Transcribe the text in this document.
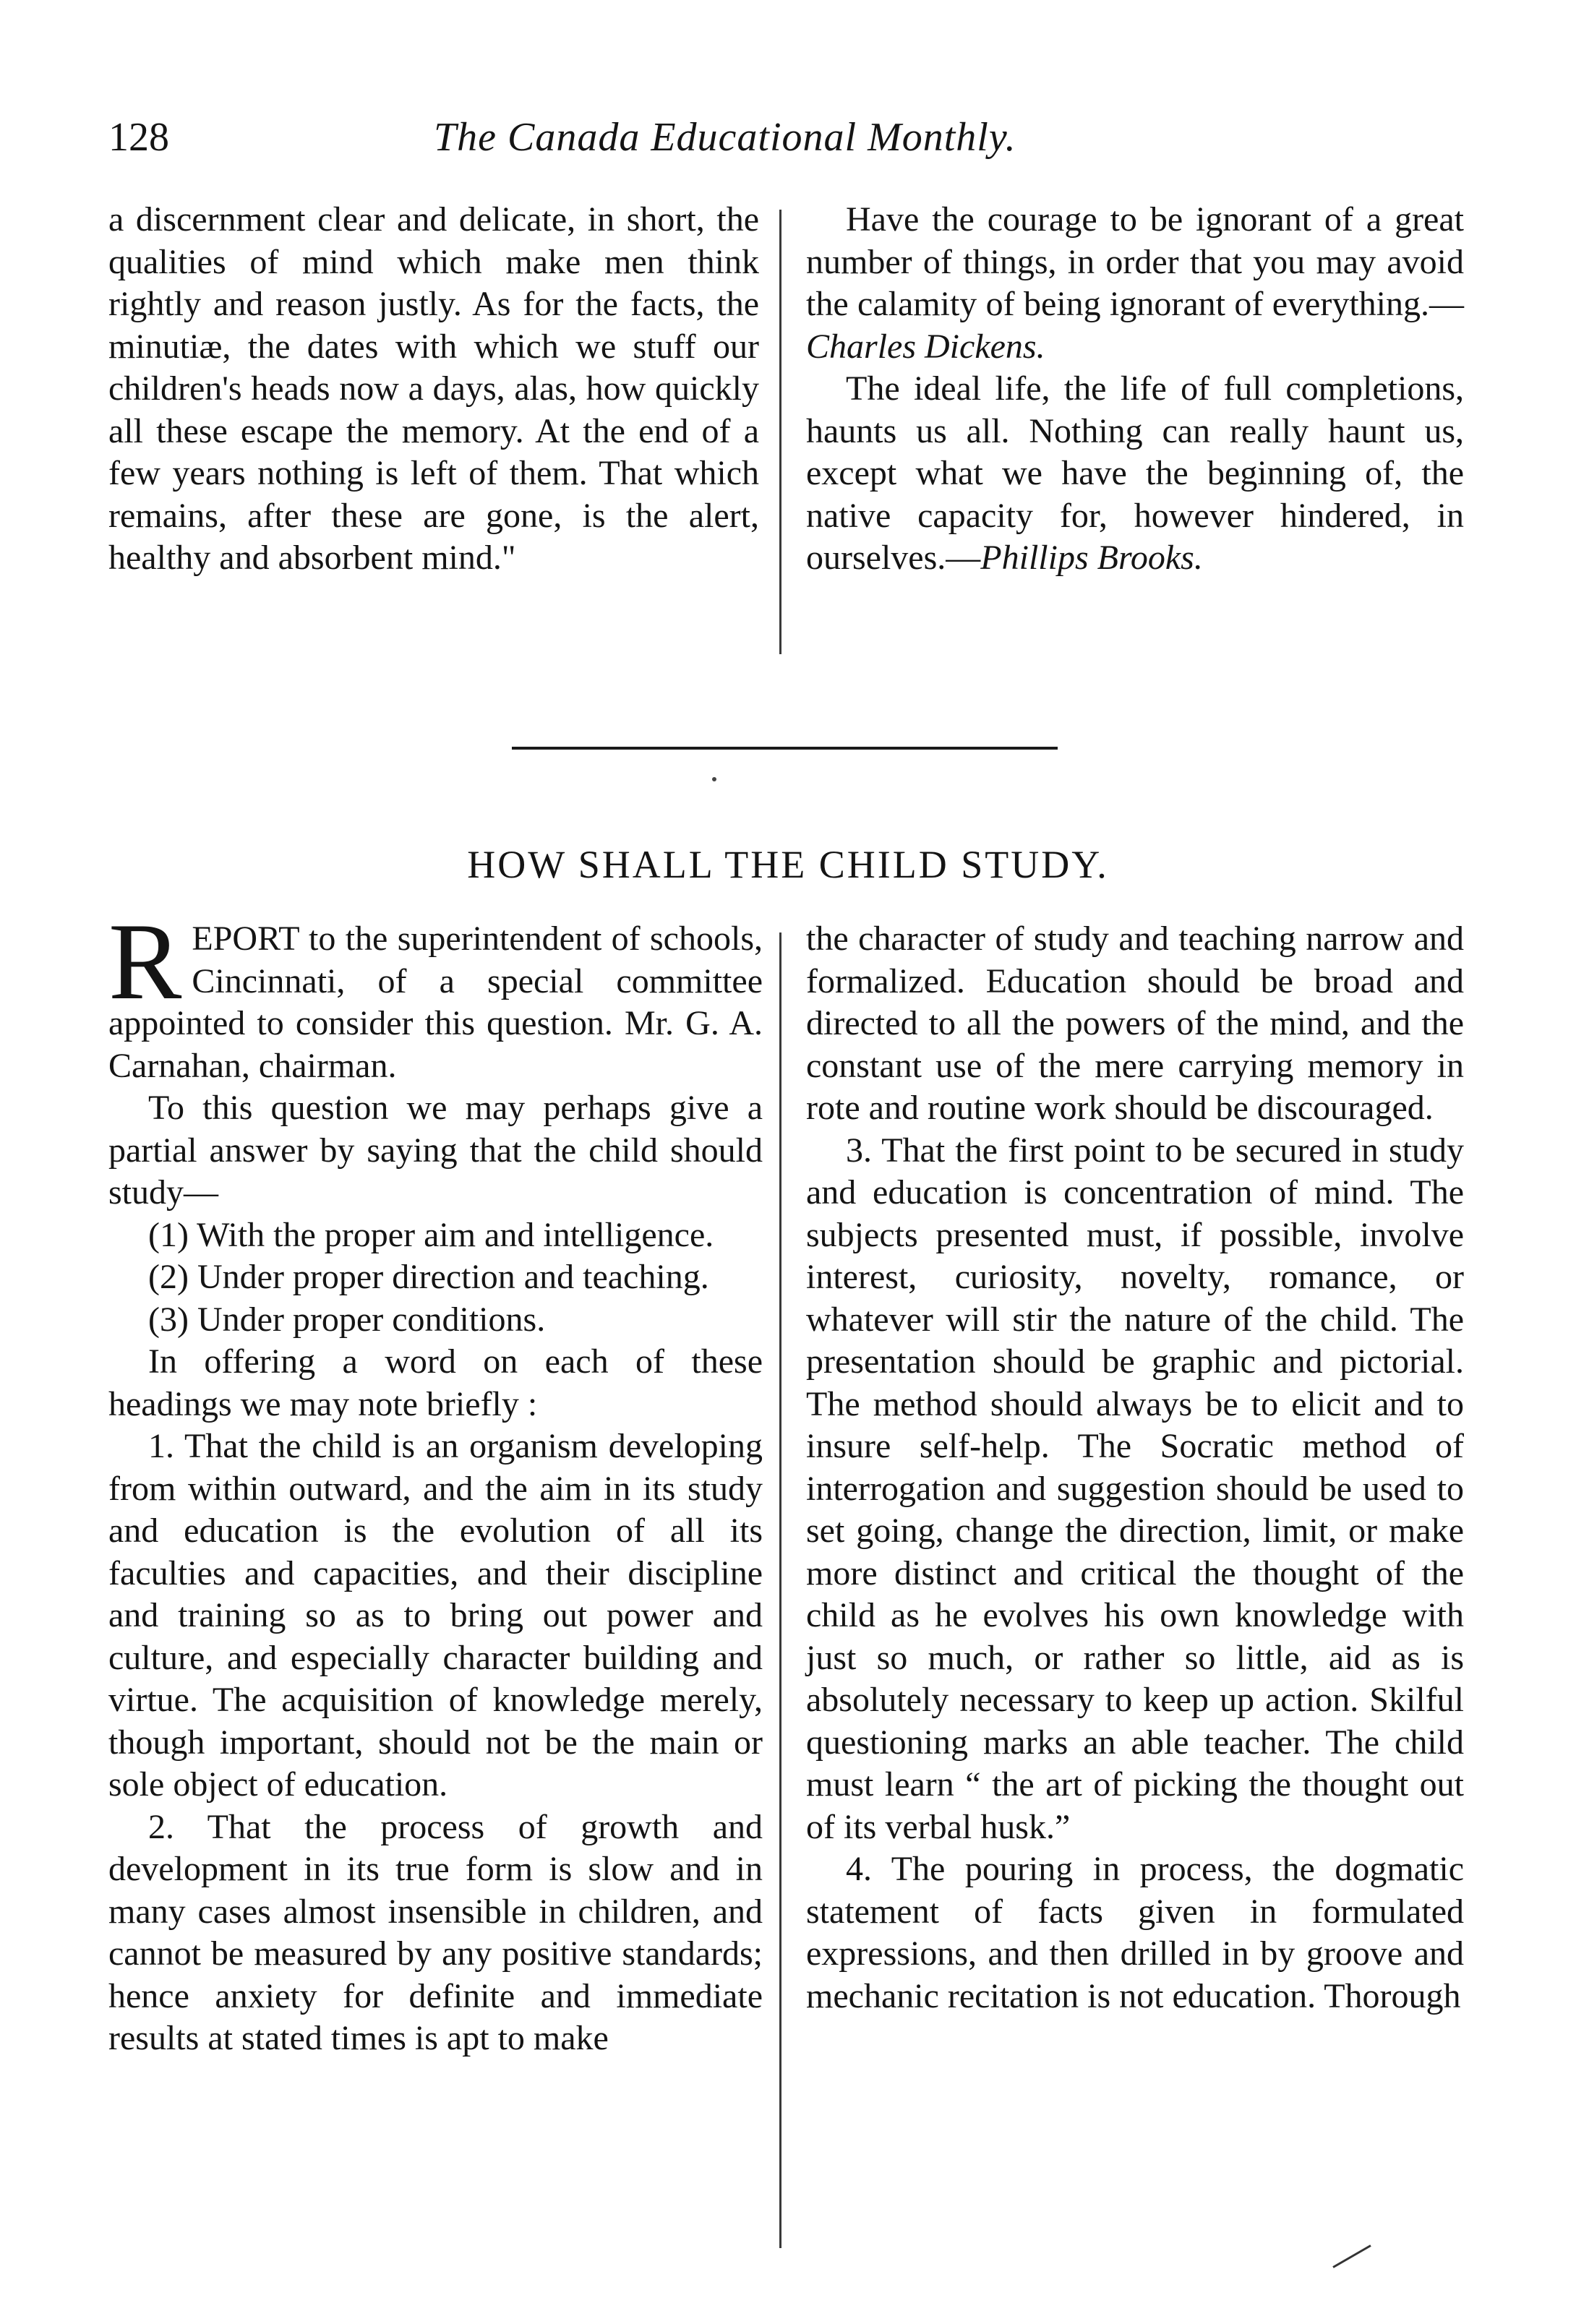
128	The Canada Educational Monthly.

a discernment clear and delicate, in short, the qualities of mind which make men think rightly and reason justly. As for the facts, the minutiæ, the dates with which we stuff our children's heads now a days, alas, how quickly all these escape the memory. At the end of a few years nothing is left of them. That which remains, after these are gone, is the alert, healthy and absorbent mind."

Have the courage to be ignorant of a great number of things, in order that you may avoid the calamity of being ignorant of everything.—Charles Dickens.

The ideal life, the life of full completions, haunts us all. Nothing can really haunt us, except what we have the beginning of, the native capacity for, however hindered, in ourselves.—Phillips Brooks.

HOW SHALL THE CHILD STUDY.

REPORT to the superintendent of schools, Cincinnati, of a special committee appointed to consider this question. Mr. G. A. Carnahan, chairman.

To this question we may perhaps give a partial answer by saying that the child should study—

(1) With the proper aim and intelligence.

(2) Under proper direction and teaching.

(3) Under proper conditions.

In offering a word on each of these headings we may note briefly :

1. That the child is an organism developing from within outward, and the aim in its study and education is the evolution of all its faculties and capacities, and their discipline and training so as to bring out power and culture, and especially character building and virtue. The acquisition of knowledge merely, though important, should not be the main or sole object of education.

2. That the process of growth and development in its true form is slow and in many cases almost insensible in children, and cannot be measured by any positive standards; hence anxiety for definite and immediate results at stated times is apt to make

the character of study and teaching narrow and formalized. Education should be broad and directed to all the powers of the mind, and the constant use of the mere carrying memory in rote and routine work should be discouraged.

3. That the first point to be secured in study and education is concentration of mind. The subjects presented must, if possible, involve interest, curiosity, novelty, romance, or whatever will stir the nature of the child. The presentation should be graphic and pictorial. The method should always be to elicit and to insure self-help. The Socratic method of interrogation and suggestion should be used to set going, change the direction, limit, or make more distinct and critical the thought of the child as he evolves his own knowledge with just so much, or rather so little, aid as is absolutely necessary to keep up action. Skilful questioning marks an able teacher. The child must learn “ the art of picking the thought out of its verbal husk.”

4. The pouring in process, the dogmatic statement of facts given in formulated expressions, and then drilled in by groove and mechanic recitation is not education. Thorough
